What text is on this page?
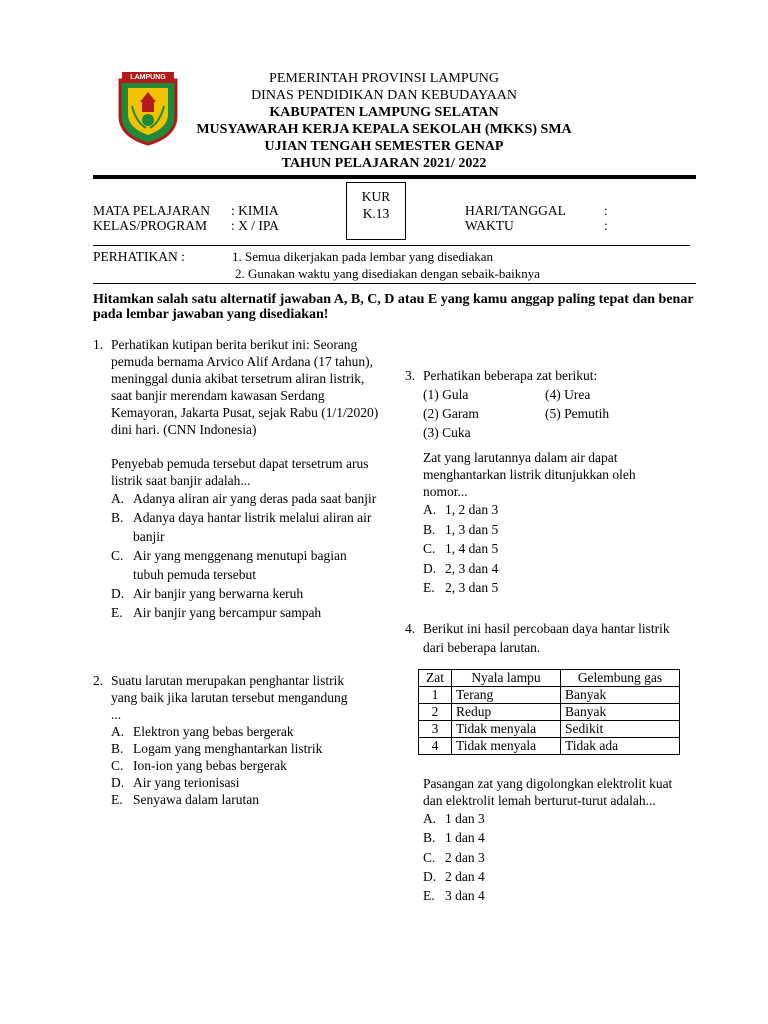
LAMPUNG	PEMERINTAH PROVINSI LAMPUNG
DINAS PENDIDIKAN DAN KEBUDAYAAN
KABUPATEN LAMPUNG SELATAN
MUSYAWARAH KERJA KEPALA SEKOLAH (MKKS) SMA
UJIAN TENGAH SEMESTER GENAP
TAHUN PELAJARAN 2021/ 2022
MATA PELAJARAN : KIMIA
KELAS/PROGRAM : X / IPA
KUR
K.13	HARI/TANGGAL	:
WAKTU	:
PERHATIKAN :	1. Semua dikerjakan pada lembar yang disediakan
2. Gunakan waktu yang disediakan dengan sebaik-baiknya
Hitamkan salah satu alternatif jawaban A, B, C, D atau E yang kamu anggap paling tepat dan benar pada lembar jawaban yang disediakan!
1. Perhatikan kutipan berita berikut ini: Seorang pemuda bernama Arvico Alif Ardana (17 tahun), meninggal dunia akibat tersetrum aliran listrik, saat banjir merendam kawasan Serdang Kemayoran, Jakarta Pusat, sejak Rabu (1/1/2020) dini hari. (CNN Indonesia)
Penyebab pemuda tersebut dapat tersetrum arus listrik saat banjir adalah...
A. Adanya aliran air yang deras pada saat banjir
B. Adanya daya hantar listrik melalui aliran air banjir
C. Air yang menggenang menutupi bagian tubuh pemuda tersebut
D. Air banjir yang berwarna keruh
E. Air banjir yang bercampur sampah
2. Suatu larutan merupakan penghantar listrik yang baik jika larutan tersebut mengandung ...
A. Elektron yang bebas bergerak
B. Logam yang menghantarkan listrik
C. Ion-ion yang bebas bergerak
D. Air yang terionisasi
E. Senyawa dalam larutan
3. Perhatikan beberapa zat berikut:
(1) Gula	(4) Urea
(2) Garam	(5) Pemutih
(3) Cuka
Zat yang larutannya dalam air dapat menghantarkan listrik ditunjukkan oleh nomor...
A. 1, 2 dan 3
B. 1, 3 dan 5
C. 1, 4 dan 5
D. 2, 3 dan 4
E. 2, 3 dan 5
4. Berikut ini hasil percobaan daya hantar listrik dari beberapa larutan.
Zat	Nyala lampu	Gelembung gas
1	Terang	Banyak
2	Redup	Banyak
3	Tidak menyala	Sedikit
4	Tidak menyala	Tidak ada
Pasangan zat yang digolongkan elektrolit kuat dan elektrolit lemah berturut-turut adalah...
A. 1 dan 3
B. 1 dan 4
C. 2 dan 3
D. 2 dan 4
E. 3 dan 4
